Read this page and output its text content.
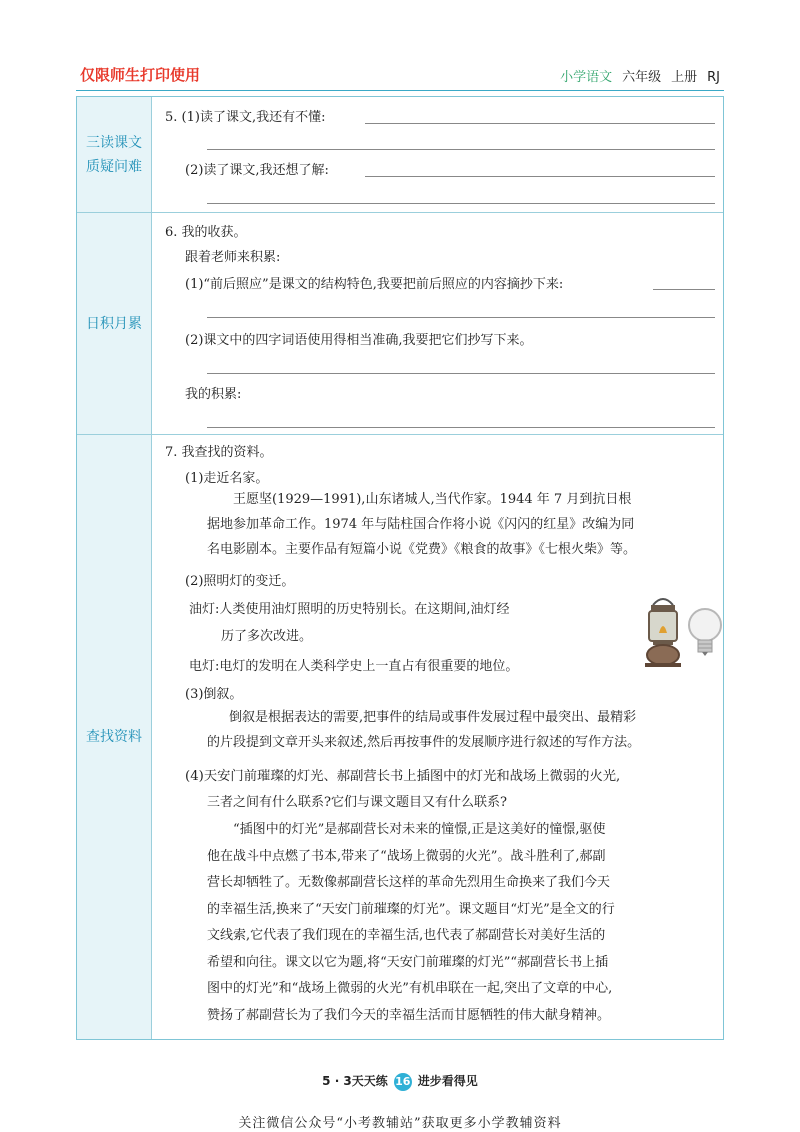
仅限师生打印使用	小学语文 六年级 上册 RJ
三读课文
质疑问难
5. (1)读了课文,我还有不懂:
(2)读了课文,我还想了解:
日积月累
6. 我的收获。
跟着老师来积累:
(1)“前后照应”是课文的结构特色,我要把前后照应的内容摘抄下来:
(2)课文中的四字词语使用得相当准确,我要把它们抄写下来。
我的积累:
查找资料
7. 我查找的资料。
(1)走近名家。
王愿坚(1929—1991),山东诸城人,当代作家。1944 年 7 月到抗日根
据地参加革命工作。1974 年与陆柱国合作将小说《闪闪的红星》改编为同
名电影剧本。主要作品有短篇小说《党费》《粮食的故事》《七根火柴》等。
(2)照明灯的变迁。
油灯:人类使用油灯照明的历史特别长。在这期间,油灯经
历了多次改进。
电灯:电灯的发明在人类科学史上一直占有很重要的地位。
(3)倒叙。
倒叙是根据表达的需要,把事件的结局或事件发展过程中最突出、最精彩
的片段提到文章开头来叙述,然后再按事件的发展顺序进行叙述的写作方法。
(4)天安门前璀璨的灯光、郝副营长书上插图中的灯光和战场上微弱的火光,
三者之间有什么联系?它们与课文题目又有什么联系?
“插图中的灯光”是郝副营长对未来的憧憬,正是这美好的憧憬,驱使
他在战斗中点燃了书本,带来了“战场上微弱的火光”。战斗胜利了,郝副
营长却牺牲了。无数像郝副营长这样的革命先烈用生命换来了我们今天
的幸福生活,换来了“天安门前璀璨的灯光”。课文题目“灯光”是全文的行
文线索,它代表了我们现在的幸福生活,也代表了郝副营长对美好生活的
希望和向往。课文以它为题,将“天安门前璀璨的灯光”“郝副营长书上插
图中的灯光”和“战场上微弱的火光”有机串联在一起,突出了文章的中心,
赞扬了郝副营长为了我们今天的幸福生活而甘愿牺牲的伟大献身精神。
5 · 3天天练 16 进步看得见
关注微信公众号“小考教辅站”获取更多小学教辅资料
